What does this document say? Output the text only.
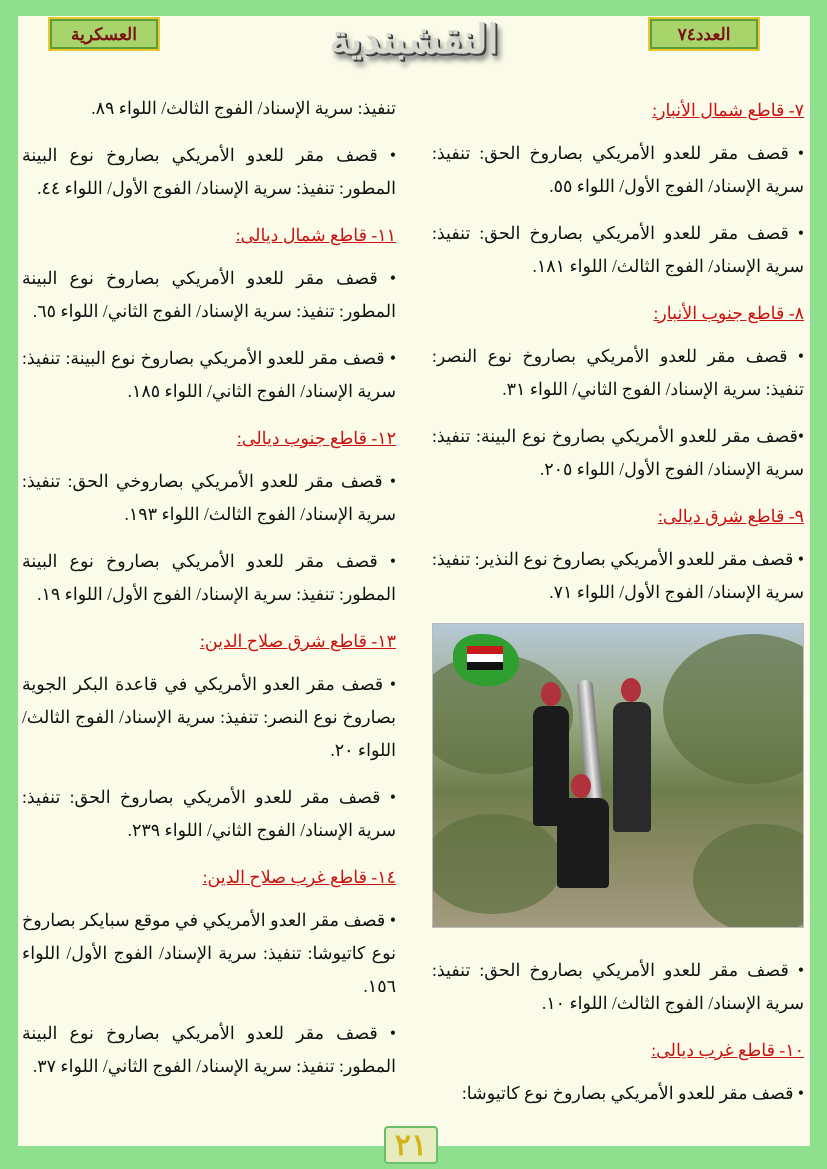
العسكرية	النقشبندية	العدد٧٤
٧- قاطع شمال الأنبار:

• قصف مقر للعدو الأمريكي بصاروخ الحق: تنفيذ: سرية الإسناد/ الفوج الأول/ اللواء ٥٥.

• قصف مقر للعدو الأمريكي بصاروخ الحق: تنفيذ: سرية الإسناد/ الفوج الثالث/ اللواء ١٨١.

٨- قاطع جنوب الأنبار:

• قصف مقر للعدو الأمريكي بصاروخ نوع النصر: تنفيذ: سرية الإسناد/ الفوج الثاني/ اللواء ٣١.

•قصف مقر للعدو الأمريكي بصاروخ نوع البينة: تنفيذ: سرية الإسناد/ الفوج الأول/ اللواء ٢٠٥.

٩- قاطع شرق ديالى:

• قصف مقر للعدو الأمريكي بصاروخ نوع النذير: تنفيذ: سرية الإسناد/ الفوج الأول/ اللواء ٧١.

• قصف مقر للعدو الأمريكي بصاروخ الحق: تنفيذ: سرية الإسناد/ الفوج الثالث/ اللواء ١٠.

١٠- قاطع غرب ديالى:

• قصف مقر للعدو الأمريكي بصاروخ نوع كاتيوشا:

تنفيذ: سرية الإسناد/ الفوج الثالث/ اللواء ٨٩.

• قصف مقر للعدو الأمريكي بصاروخ نوع البينة المطور: تنفيذ: سرية الإسناد/ الفوج الأول/ اللواء ٤٤.

١١- قاطع شمال ديالى:

• قصف مقر للعدو الأمريكي بصاروخ نوع البينة المطور: تنفيذ: سرية الإسناد/ الفوج الثاني/ اللواء ٦٥.

• قصف مقر للعدو الأمريكي بصاروخ نوع البينة: تنفيذ: سرية الإسناد/ الفوج الثاني/ اللواء ١٨٥.

١٢- قاطع جنوب ديالى:

• قصف مقر للعدو الأمريكي بصاروخي الحق: تنفيذ: سرية الإسناد/ الفوج الثالث/ اللواء ١٩٣.

• قصف مقر للعدو الأمريكي بصاروخ نوع البينة المطور: تنفيذ: سرية الإسناد/ الفوج الأول/ اللواء ١٩.

١٣- قاطع شرق صلاح الدين:

• قصف مقر العدو الأمريكي في قاعدة البكر الجوية بصاروخ نوع النصر: تنفيذ: سرية الإسناد/ الفوج الثالث/ اللواء ٢٠.

• قصف مقر للعدو الأمريكي بصاروخ الحق: تنفيذ: سرية الإسناد/ الفوج الثاني/ اللواء ٢٣٩.

١٤- قاطع غرب صلاح الدين:

• قصف مقر العدو الأمريكي في موقع سبايكر بصاروخ نوع كاتيوشا: تنفيذ: سرية الإسناد/ الفوج الأول/ اللواء ١٥٦.

• قصف مقر للعدو الأمريكي بصاروخ نوع البينة المطور: تنفيذ: سرية الإسناد/ الفوج الثاني/ اللواء ٣٧.

٢١
